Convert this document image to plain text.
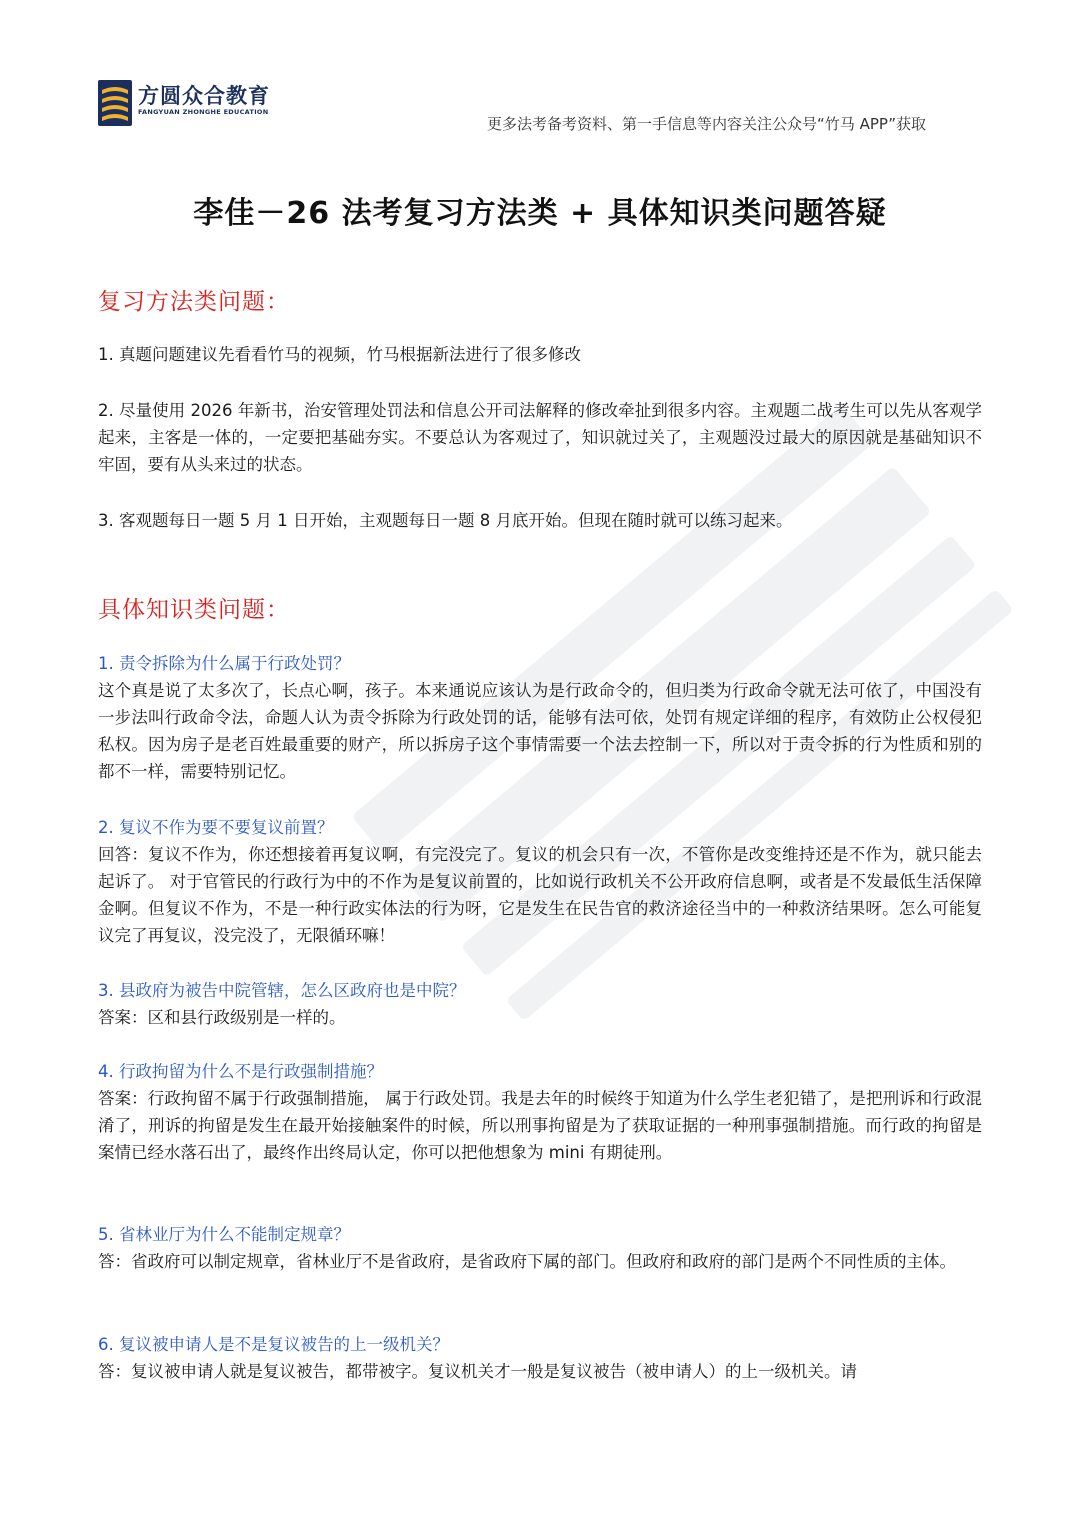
方圆众合教育
FANGYUAN ZHONGHE EDUCATION
更多法考备考资料、第一手信息等内容关注公众号“竹马 APP”获取
李佳－26 法考复习方法类 + 具体知识类问题答疑
复习方法类问题：

1. 真题问题建议先看看竹马的视频，竹马根据新法进行了很多修改

2. 尽量使用 2026 年新书，治安管理处罚法和信息公开司法解释的修改牵扯到很多内容。主观题二战考生可以先从客观学起来，主客是一体的，一定要把基础夯实。不要总认为客观过了，知识就过关了，主观题没过最大的原因就是基础知识不牢固，要有从头来过的状态。

3. 客观题每日一题 5 月 1 日开始，主观题每日一题 8 月底开始。但现在随时就可以练习起来。

具体知识类问题：
1. 责令拆除为什么属于行政处罚？

这个真是说了太多次了，长点心啊，孩子。本来通说应该认为是行政命令的，但归类为行政命令就无法可依了，中国没有一步法叫行政命令法，命题人认为责令拆除为行政处罚的话，能够有法可依，处罚有规定详细的程序，有效防止公权侵犯私权。因为房子是老百姓最重要的财产，所以拆房子这个事情需要一个法去控制一下，所以对于责令拆的行为性质和别的都不一样，需要特别记忆。

2. 复议不作为要不要复议前置？

回答：复议不作为，你还想接着再复议啊，有完没完了。复议的机会只有一次，不管你是改变维持还是不作为，就只能去起诉了。 对于官管民的行政行为中的不作为是复议前置的，比如说行政机关不公开政府信息啊，或者是不发最低生活保障金啊。但复议不作为，不是一种行政实体法的行为呀，它是发生在民告官的救济途径当中的一种救济结果呀。怎么可能复议完了再复议，没完没了，无限循环嘛！

3. 县政府为被告中院管辖，怎么区政府也是中院？

答案：区和县行政级别是一样的。

4. 行政拘留为什么不是行政强制措施？

答案：行政拘留不属于行政强制措施， 属于行政处罚。我是去年的时候终于知道为什么学生老犯错了，是把刑诉和行政混淆了，刑诉的拘留是发生在最开始接触案件的时候，所以刑事拘留是为了获取证据的一种刑事强制措施。而行政的拘留是案情已经水落石出了，最终作出终局认定，你可以把他想象为 mini 有期徒刑。

5. 省林业厅为什么不能制定规章？

答：省政府可以制定规章，省林业厅不是省政府，是省政府下属的部门。但政府和政府的部门是两个不同性质的主体。

6. 复议被申请人是不是复议被告的上一级机关？

答：复议被申请人就是复议被告，都带被字。复议机关才一般是复议被告（被申请人）的上一级机关。请
